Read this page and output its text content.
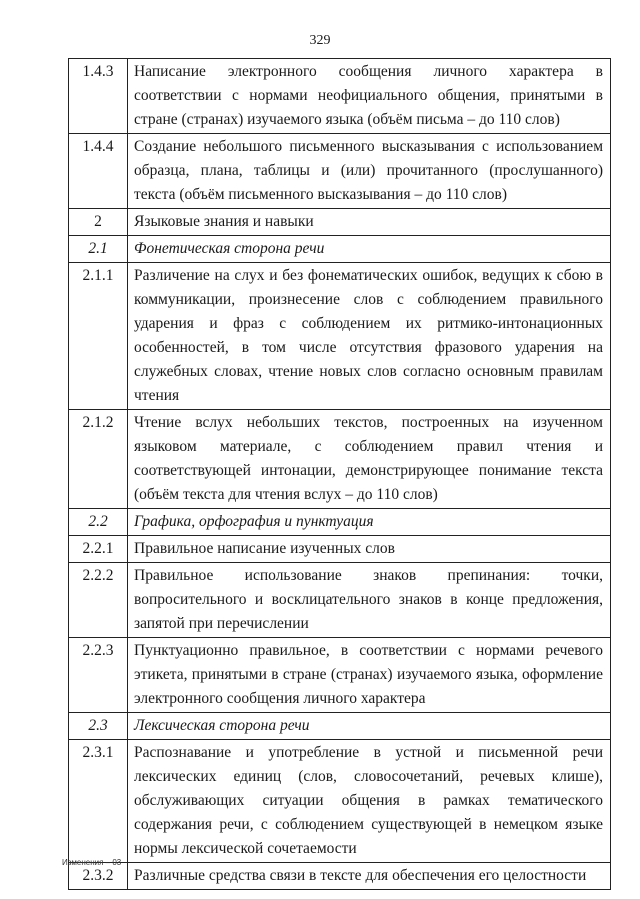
329
1.4.3	Написание электронного сообщения личного характера в соответствии с нормами неофициального общения, принятыми в стране (странах) изучаемого языка (объём письма – до 110 слов)
1.4.4	Создание небольшого письменного высказывания с использованием образца, плана, таблицы и (или) прочитанного (прослушанного) текста (объём письменного высказывания – до 110 слов)
2	Языковые знания и навыки
2.1	Фонетическая сторона речи
2.1.1	Различение на слух и без фонематических ошибок, ведущих к сбою в коммуникации, произнесение слов с соблюдением правильного ударения и фраз с соблюдением их ритмико-интонационных особенностей, в том числе отсутствия фразового ударения на служебных словах, чтение новых слов согласно основным правилам чтения
2.1.2	Чтение вслух небольших текстов, построенных на изученном языковом материале, с соблюдением правил чтения и соответствующей интонации, демонстрирующее понимание текста (объём текста для чтения вслух – до 110 слов)
2.2	Графика, орфография и пунктуация
2.2.1	Правильное написание изученных слов
2.2.2	Правильное использование знаков препинания: точки, вопросительного и восклицательного знаков в конце предложения, запятой при перечислении
2.2.3	Пунктуационно правильное, в соответствии с нормами речевого этикета, принятыми в стране (странах) изучаемого языка, оформление электронного сообщения личного характера
2.3	Лексическая сторона речи
2.3.1	Распознавание и употребление в устной и письменной речи лексических единиц (слов, словосочетаний, речевых клише), обслуживающих ситуации общения в рамках тематического содержания речи, с соблюдением существующей в немецком языке нормы лексической сочетаемости
2.3.2	Различные средства связи в тексте для обеспечения его целостности
Изменения – 03
